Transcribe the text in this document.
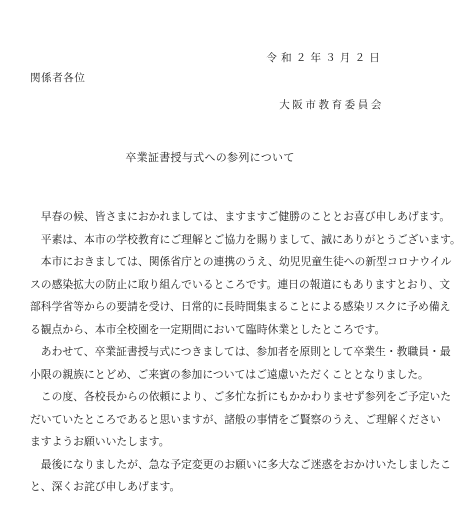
令和２年３月２日
関係者各位
大阪市教育委員会
卒業証書授与式への参列について
　早春の候、皆さまにおかれましては、ますますご健勝のこととお喜び申しあげます。
　平素は、本市の学校教育にご理解とご協力を賜りまして、誠にありがとうございます。
　本市におきましては、関係省庁との連携のうえ、幼児児童生徒への新型コロナウイル
スの感染拡大の防止に取り組んでいるところです。連日の報道にもありますとおり、文
部科学省等からの要請を受け、日常的に長時間集まることによる感染リスクに予め備え
る観点から、本市全校園を一定期間において臨時休業としたところです。
　あわせて、卒業証書授与式につきましては、参加者を原則として卒業生・教職員・最
小限の親族にとどめ、ご来賓の参加についてはご遠慮いただくこととなりました。
　この度、各校長からの依頼により、ご多忙な折にもかかわりませず参列をご予定いた
だいていたところであると思いますが、諸般の事情をご賢察のうえ、ご理解ください
ますようお願いいたします。
　最後になりましたが、急な予定変更のお願いに多大なご迷惑をおかけいたしましたこ
と、深くお詫び申しあげます。
